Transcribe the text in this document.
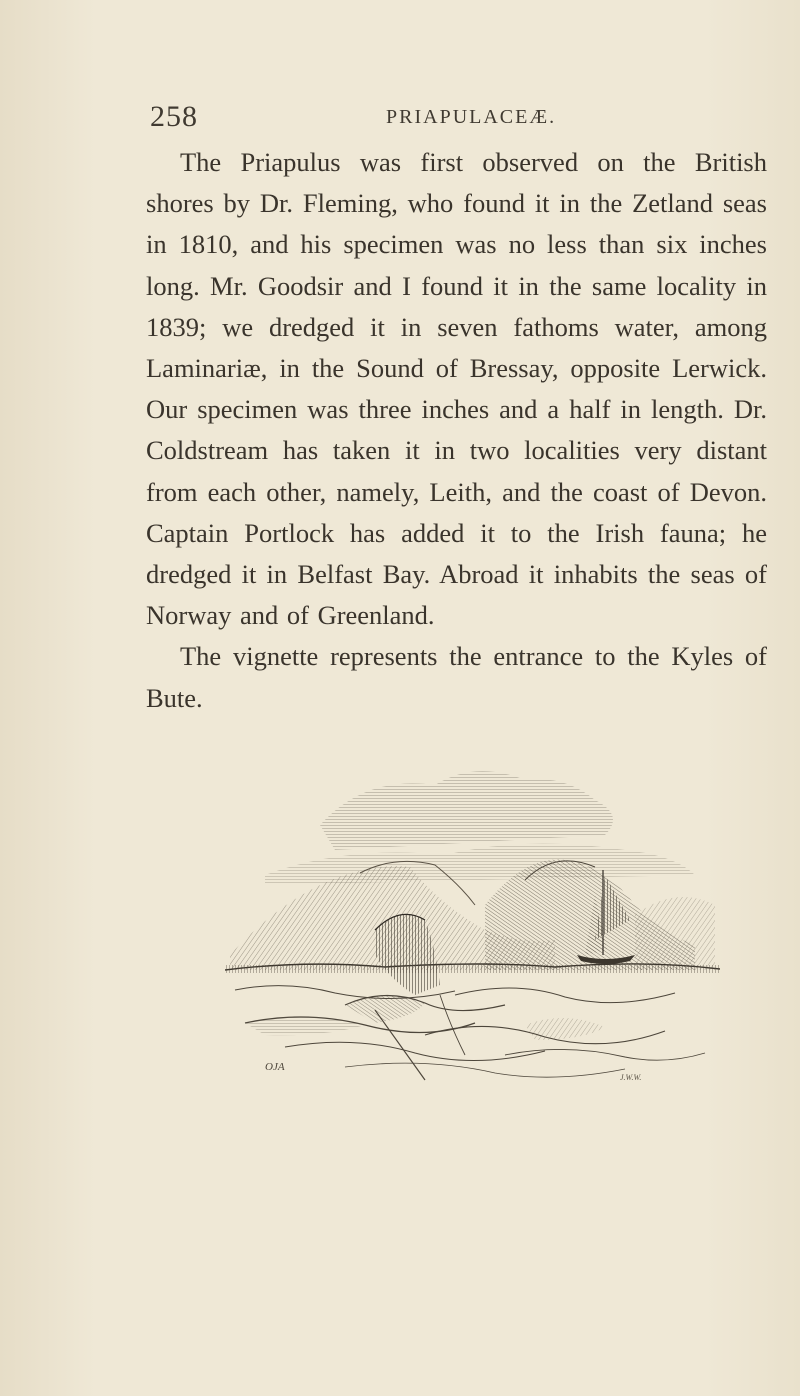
258	PRIAPULACEÆ.

The Priapulus was first observed on the British shores by Dr. Fleming, who found it in the Zetland seas in 1810, and his specimen was no less than six inches long. Mr. Goodsir and I found it in the same locality in 1839; we dredged it in seven fathoms water, among Laminariæ, in the Sound of Bressay, opposite Lerwick. Our specimen was three inches and a half in length. Dr. Coldstream has taken it in two localities very distant from each other, namely, Leith, and the coast of Devon. Captain Portlock has added it to the Irish fauna; he dredged it in Belfast Bay. Abroad it inhabits the seas of Norway and of Greenland.

The vignette represents the entrance to the Kyles of Bute.

OJA
J.W.W.
